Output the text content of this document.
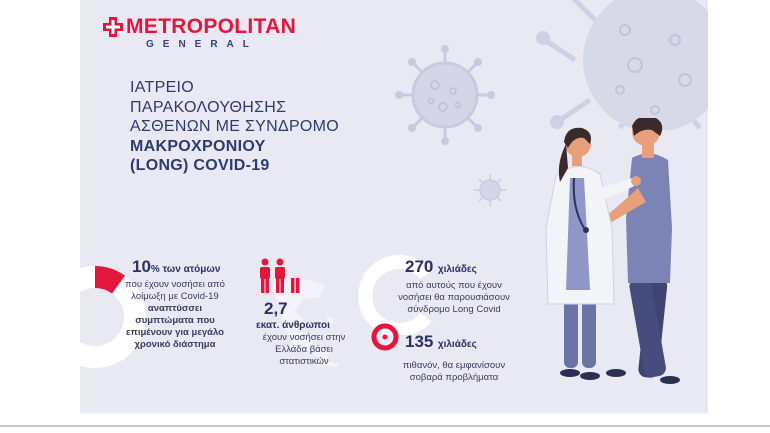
METROPOLITAN
GENERAL
ΙΑΤΡΕΙΟ
ΠΑΡΑΚΟΛΟΥΘΗΣΗΣ
ΑΣΘΕΝΩΝ ΜΕ ΣΥΝΔΡΟΜΟ
ΜΑΚΡΟΧΡΟΝΙΟΥ
(LONG) COVID-19
10% των ατόμων
που έχουν νοσήσει από λοίμωξη με Covid-19 αναπτύσσει συμπτώματα που επιμένουν για μεγάλο χρονικό διάστημα
2,7
εκατ. άνθρωποι
έχουν νοσήσει στην Ελλάδα βάσει στατιστικών
270 χιλιάδες
από αυτούς που έχουν νοσήσει θα παρουσιάσουν σύνδρομο Long Covid
135 χιλιάδες
πιθανόν, θα εμφανίσουν σοβαρά προβλήματα
